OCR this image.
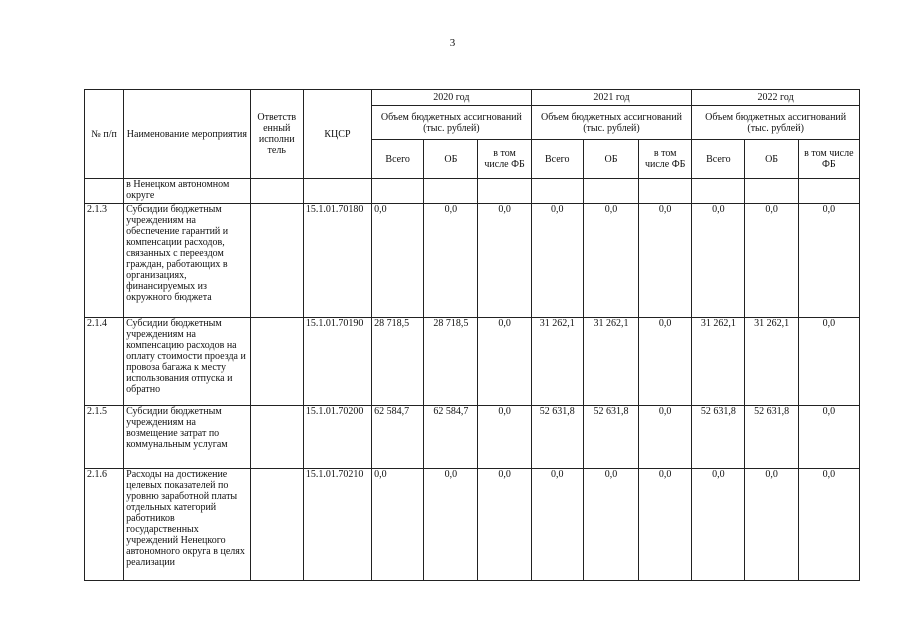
3
№ п/п	Наименование мероприятия	Ответств енный исполни тель	КЦСР	2020 год			2021 год			2022 год		
				Объем бюджетных ассигнований (тыс. рублей)			Объем бюджетных ассигнований (тыс. рублей)			Объем бюджетных ассигнований (тыс. рублей)		
				Всего	ОБ	в том числе ФБ	Всего	ОБ	в том числе ФБ	Всего	ОБ	в том числе ФБ
	в Ненецком автономном округе											
2.1.3	Субсидии бюджетным учреждениям на обеспечение гарантий и компенсации расходов, связанных с переездом граждан, работающих в организациях, финансируемых из окружного бюджета		15.1.01.70180	0,0	0,0	0,0	0,0	0,0	0,0	0,0	0,0	0,0
2.1.4	Субсидии бюджетным учреждениям на компенсацию расходов на оплату стоимости проезда и провоза багажа к месту использования отпуска и обратно		15.1.01.70190	28 718,5	28 718,5	0,0	31 262,1	31 262,1	0,0	31 262,1	31 262,1	0,0
2.1.5	Субсидии бюджетным учреждениям на возмещение затрат по коммунальным услугам		15.1.01.70200	62 584,7	62 584,7	0,0	52 631,8	52 631,8	0,0	52 631,8	52 631,8	0,0
2.1.6	Расходы на достижение целевых показателей по уровню заработной платы отдельных категорий работников государственных учреждений Ненецкого автономного округа в целях реализации		15.1.01.70210	0,0	0,0	0,0	0,0	0,0	0,0	0,0	0,0	0,0
